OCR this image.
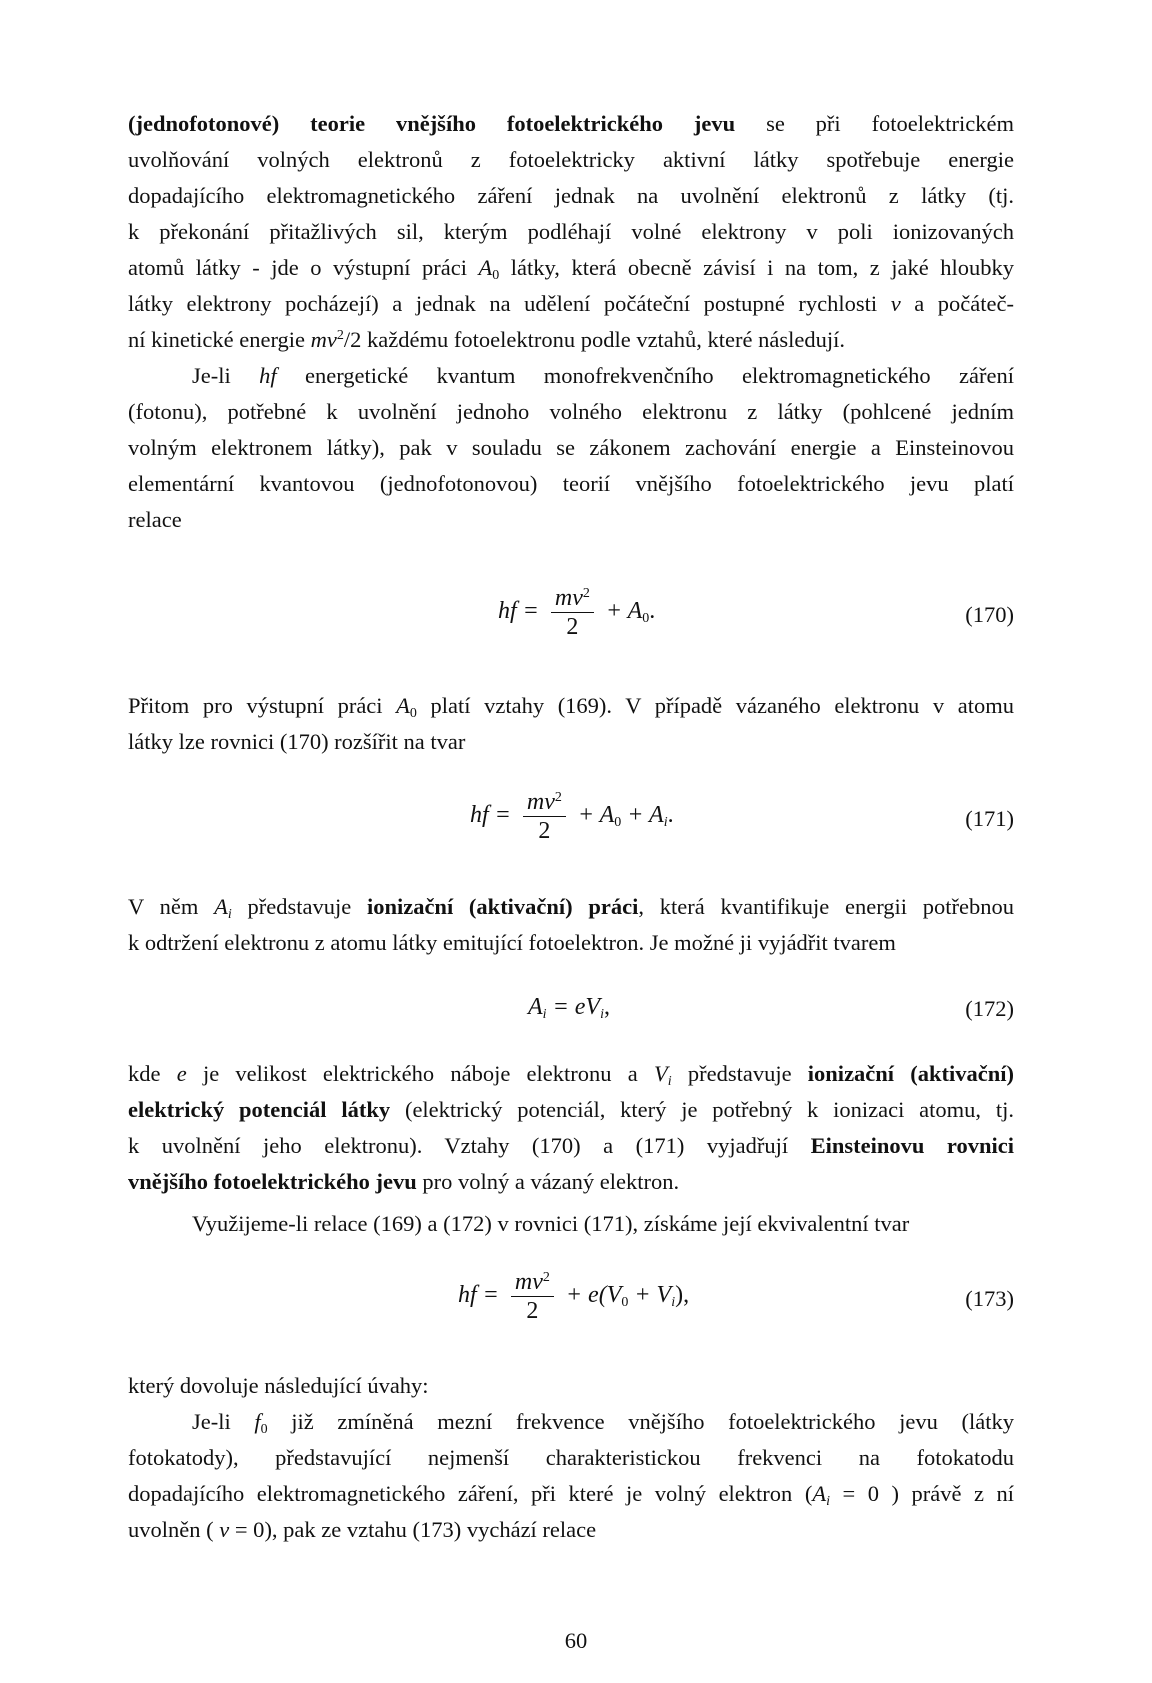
(jednofotonové) teorie vnějšího fotoelektrického jevu se při fotoelektrickém
uvolňování volných elektronů z fotoelektricky aktivní látky spotřebuje energie
dopadajícího elektromagnetického záření jednak na uvolnění elektronů z látky (tj.
k překonání přitažlivých sil, kterým podléhají volné elektrony v poli ionizovaných
atomů látky - jde o výstupní práci $A_0$ látky, která obecně závisí i na tom, z jaké hloubky
látky elektrony pocházejí) a jednak na udělení počáteční postupné rychlosti v a počáteč-
ní kinetické energie $mv^2/2$ každému fotoelektronu podle vztahů, které následují.
Je-li hf energetické kvantum monofrekvenčního elektromagnetického záření
(fotonu), potřebné k uvolnění jednoho volného elektronu z látky (pohlcené jedním
volným elektronem látky), pak v souladu se zákonem zachování energie a Einsteinovou
elementární kvantovou (jednofotonovou) teorií vnějšího fotoelektrického jevu platí
relace
hf = $\frac{mv^2}{2} + A_0$.	(170)
Přitom pro výstupní práci $A_0$ platí vztahy (169). V případě vázaného elektronu v atomu
látky lze rovnici (170) rozšířit na tvar
hf = $\frac{mv^2}{2} + A_0 + A_i$.	(171)
V něm $A_i$ představuje ionizační (aktivační) práci, která kvantifikuje energii potřebnou
k odtržení elektronu z atomu látky emitující fotoelektron. Je možné ji vyjádřit tvarem
$A_i = eV_i$,	(172)
kde e je velikost elektrického náboje elektronu a $V_i$ představuje ionizační (aktivační)
elektrický potenciál látky (elektrický potenciál, který je potřebný k ionizaci atomu, tj.
k uvolnění jeho elektronu). Vztahy (170) a (171) vyjadřují Einsteinovu rovnici
vnějšího fotoelektrického jevu pro volný a vázaný elektron.
Využijeme-li relace (169) a (172) v rovnici (171), získáme její ekvivalentní tvar
hf = $\frac{mv^2}{2} + e(V_0 + V_i)$,	(173)
který dovoluje následující úvahy:
Je-li $f_0$ již zmíněná mezní frekvence vnějšího fotoelektrického jevu (látky
fotokatody), představující nejmenší charakteristickou frekvenci na fotokatodu
dopadajícího elektromagnetického záření, při které je volný elektron ($A_i = 0$ ) právě z ní
uvolněn ( v = 0), pak ze vztahu (173) vychází relace
60
